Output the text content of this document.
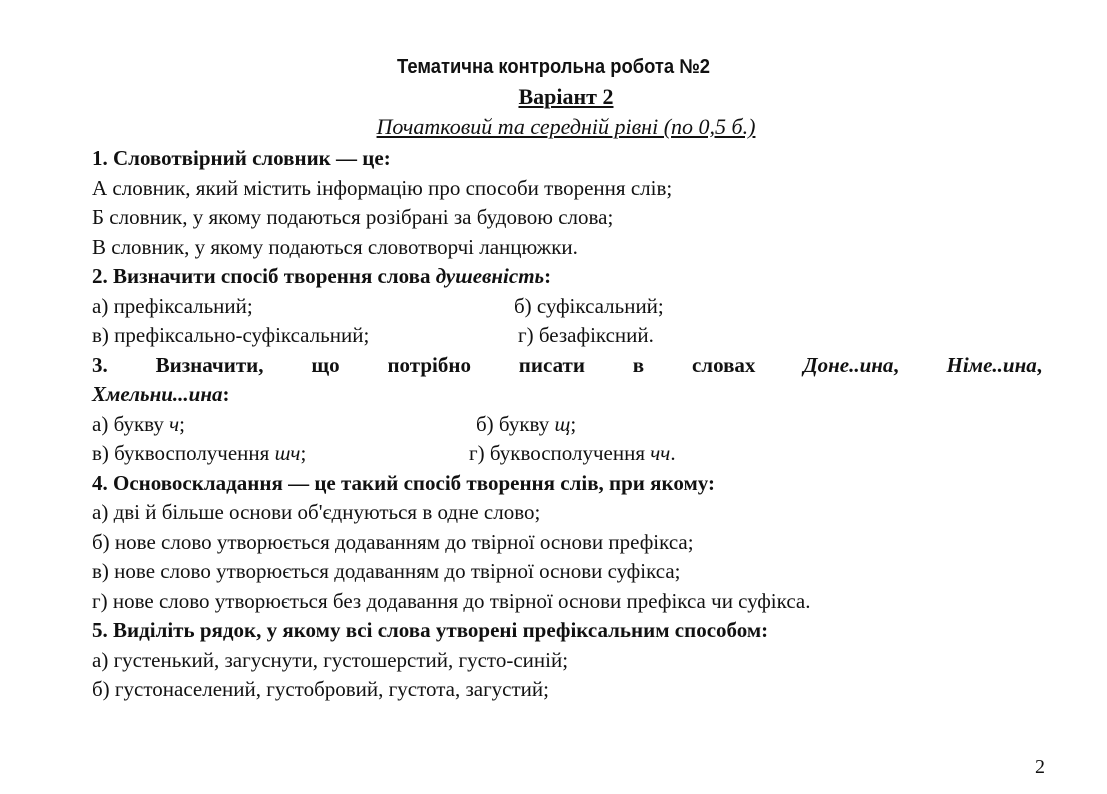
Тематична контрольна робота №2
Варіант 2
Початковий та середній рівні (по 0,5 б.)
1. Словотвірний словник — це:
А словник, який містить інформацію про способи творення слів;
Б словник, у якому подаються розібрані за будовою слова;
В словник, у якому подаються словотворчі ланцюжки.
2. Визначити спосіб творення слова душевність:
а) префіксальний;	б) суфіксальний;
в) префіксально-суфіксальний;	г) безафіксний.
3. Визначити, що потрібно писати в словах Доне..ина, Німе..ина,
Хмельни...ина:
а) букву ч;	б) букву щ;
в) буквосполучення шч;	г) буквосполучення чч.
4. Основоскладання — це такий спосіб творення слів, при якому:
а) дві й більше основи об'єднуються в одне слово;
б) нове слово утворюється додаванням до твірної основи префікса;
в) нове слово утворюється додаванням до твірної основи суфікса;
г) нове слово утворюється без додавання до твірної основи префікса чи суфікса.
5. Виділіть рядок, у якому всі слова утворені префіксальним способом:
а) густенький, загуснути, густошерстий, густо-синій;
б) густонаселений, густобровий, густота, загустий;
2
